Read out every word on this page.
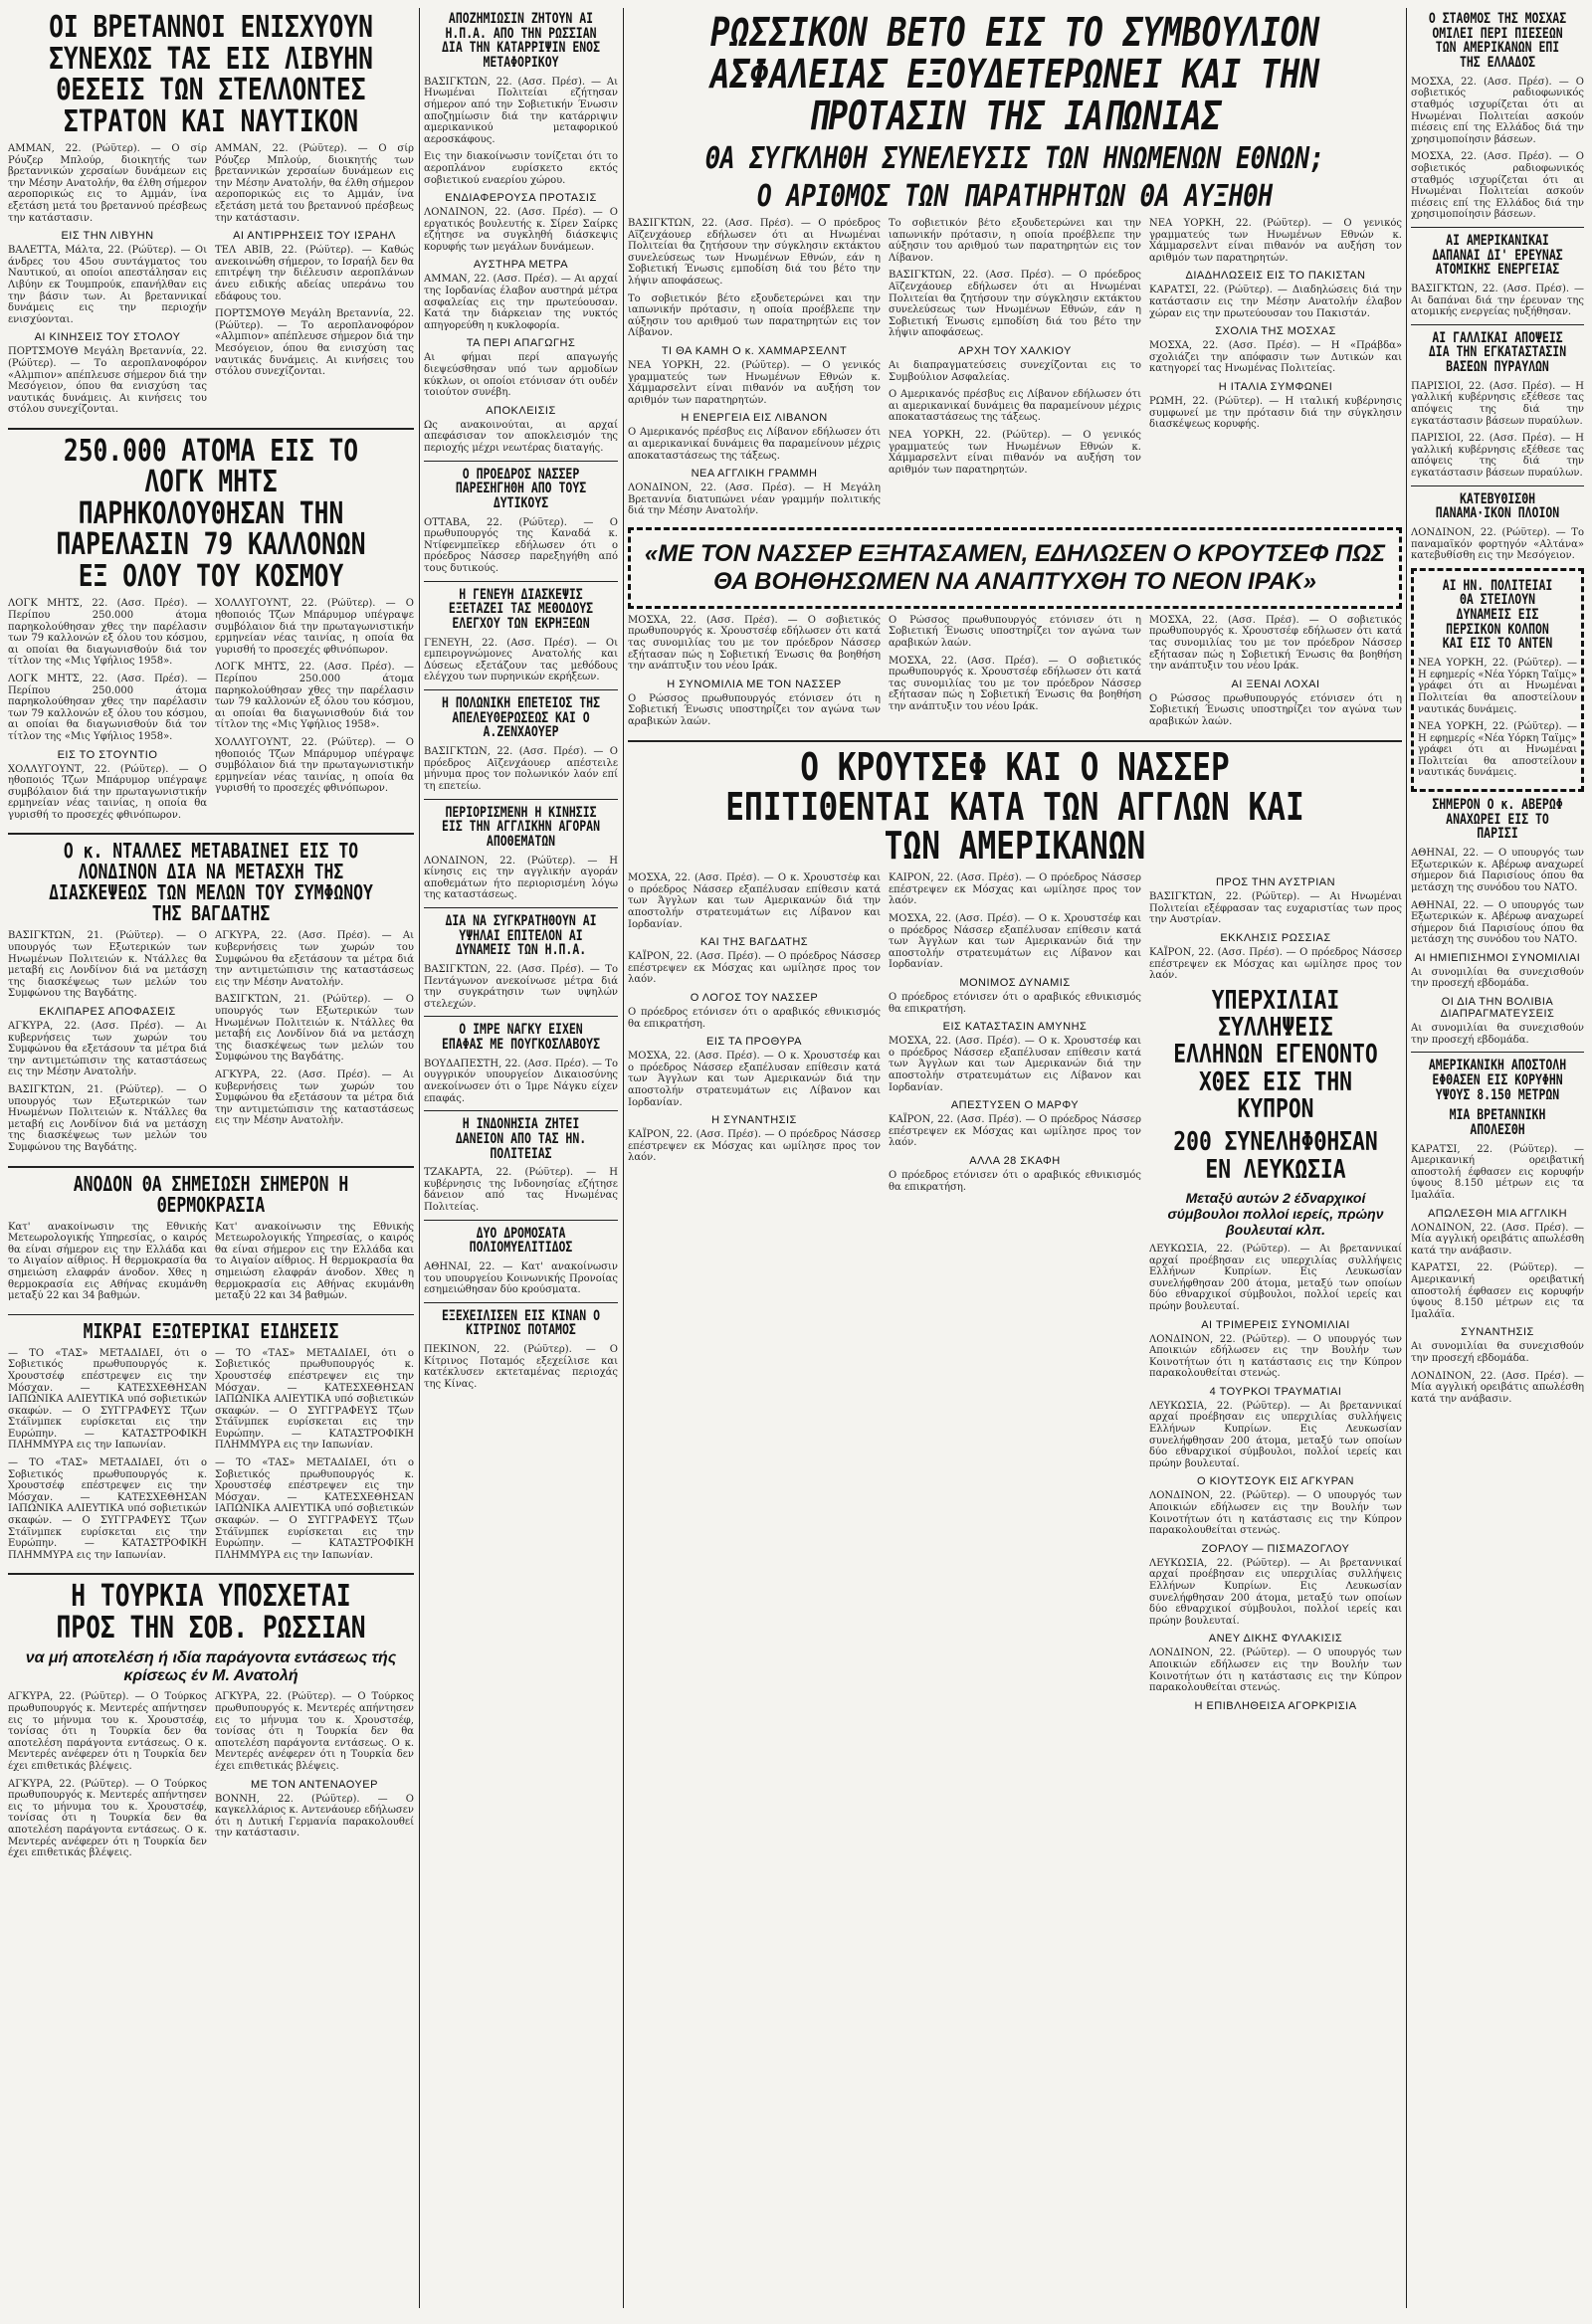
ΟΙ ΒΡΕΤΑΝΝΟΙ ΕΝΙΣΧΥΟΥΝ ΣΥΝΕΧΩΣ ΤΑΣ ΕΙΣ ΛΙΒΥΗΝ ΘΕΣΕΙΣ ΤΩΝ ΣΤΕΛΛΟΝΤΕΣ ΣΤΡΑΤΟΝ ΚΑΙ ΝΑΥΤΙΚΟΝ

ΑΜΜΑΝ, 22. (Ρώϋτερ). — Ο σίρ Ρόυζερ Μπλούρ, διοικητής των βρεταννικών χερσαίων δυνάμεων εις την Μέσην Ανατολήν, θα έλθη σήμερον αεροπορικώς εις το Αμμάν, ίνα εξετάση μετά του βρεταννού πρέσβεως την κατάστασιν.

ΕΙΣ ΤΗΝ ΛΙΒΥΗΝ

ΒΑΛΕΤΤΑ, Μάλτα, 22. (Ρώϋτερ). — Οι άνδρες του 45ου συντάγματος του Ναυτικού, αι οποίοι απεστάλησαν εις Λιβύην εκ Τουμπρούκ, επανήλθαν εις την βάσιν των. Αι βρεταννικαί δυνάμεις εις την περιοχήν ενισχύονται.

ΑΙ ΚΙΝΗΣΕΙΣ ΤΟΥ ΣΤΟΛΟΥ

ΠΟΡΤΣΜΟΥΘ Μεγάλη Βρεταννία, 22. (Ρώϋτερ). — Το αεροπλανοφόρον «Αλμπιον» απέπλευσε σήμερον διά την Μεσόγειον, όπου θα ενισχύση τας ναυτικάς δυνάμεις. Αι κινήσεις του στόλου συνεχίζονται.

ΑΜΜΑΝ, 22. (Ρώϋτερ). — Ο σίρ Ρόυζερ Μπλούρ, διοικητής των βρεταννικών χερσαίων δυνάμεων εις την Μέσην Ανατολήν, θα έλθη σήμερον αεροπορικώς εις το Αμμάν, ίνα εξετάση μετά του βρεταννού πρέσβεως την κατάστασιν.

ΑΙ ΑΝΤΙΡΡΗΣΕΙΣ ΤΟΥ ΙΣΡΑΗΛ

ΤΕΛ ΑΒΙΒ, 22. (Ρώϋτερ). — Καθώς ανεκοινώθη σήμερον, το Ισραήλ δεν θα επιτρέψη την διέλευσιν αεροπλάνων άνευ ειδικής αδείας υπεράνω του εδάφους του.

ΠΟΡΤΣΜΟΥΘ Μεγάλη Βρεταννία, 22. (Ρώϋτερ). — Το αεροπλανοφόρον «Αλμπιον» απέπλευσε σήμερον διά την Μεσόγειον, όπου θα ενισχύση τας ναυτικάς δυνάμεις. Αι κινήσεις του στόλου συνεχίζονται.

250.000 ΑΤΟΜΑ ΕΙΣ ΤΟ ΛΟΓΚ ΜΗΤΣ ΠΑΡΗΚΟΛΟΥΘΗΣΑΝ ΤΗΝ ΠΑΡΕΛΑΣΙΝ 79 ΚΑΛΛΟΝΩΝ ΕΞ ΟΛΟΥ ΤΟΥ ΚΟΣΜΟΥ

ΛΟΓΚ ΜΗΤΣ, 22. (Ασσ. Πρέσ). — Περίπου 250.000 άτομα παρηκολούθησαν χθες την παρέλασιν των 79 καλλονών εξ όλου του κόσμου, αι οποίαι θα διαγωνισθούν διά τον τίτλον της «Μις Υφήλιος 1958».

ΛΟΓΚ ΜΗΤΣ, 22. (Ασσ. Πρέσ). — Περίπου 250.000 άτομα παρηκολούθησαν χθες την παρέλασιν των 79 καλλονών εξ όλου του κόσμου, αι οποίαι θα διαγωνισθούν διά τον τίτλον της «Μις Υφήλιος 1958».

ΕΙΣ ΤΟ ΣΤΟΥΝΤΙΟ

ΧΟΛΛΥΓΟΥΝΤ, 22. (Ρώϋτερ). — Ο ηθοποιός Τζων Μπάρυμορ υπέγραψε συμβόλαιον διά την πρωταγωνιστικήν ερμηνείαν νέας ταινίας, η οποία θα γυρισθή το προσεχές φθινόπωρον.

ΧΟΛΛΥΓΟΥΝΤ, 22. (Ρώϋτερ). — Ο ηθοποιός Τζων Μπάρυμορ υπέγραψε συμβόλαιον διά την πρωταγωνιστικήν ερμηνείαν νέας ταινίας, η οποία θα γυρισθή το προσεχές φθινόπωρον.

ΛΟΓΚ ΜΗΤΣ, 22. (Ασσ. Πρέσ). — Περίπου 250.000 άτομα παρηκολούθησαν χθες την παρέλασιν των 79 καλλονών εξ όλου του κόσμου, αι οποίαι θα διαγωνισθούν διά τον τίτλον της «Μις Υφήλιος 1958».

ΧΟΛΛΥΓΟΥΝΤ, 22. (Ρώϋτερ). — Ο ηθοποιός Τζων Μπάρυμορ υπέγραψε συμβόλαιον διά την πρωταγωνιστικήν ερμηνείαν νέας ταινίας, η οποία θα γυρισθή το προσεχές φθινόπωρον.

Ο κ. ΝΤΑΛΛΕΣ ΜΕΤΑΒΑΙΝΕΙ ΕΙΣ ΤΟ ΛΟΝΔΙΝΟΝ ΔΙΑ ΝΑ ΜΕΤΑΣΧΗ ΤΗΣ ΔΙΑΣΚΕΨΕΩΣ ΤΩΝ ΜΕΛΩΝ ΤΟΥ ΣΥΜΦΩΝΟΥ ΤΗΣ ΒΑΓΔΑΤΗΣ

ΒΑΣΙΓΚΤΩΝ, 21. (Ρώϋτερ). — Ο υπουργός των Εξωτερικών των Ηνωμένων Πολιτειών κ. Ντάλλες θα μεταβή εις Λονδίνον διά να μετάσχη της διασκέψεως των μελών του Συμφώνου της Βαγδάτης.

ΕΚΛΙΠΑΡΕΣ ΑΠΟΦΑΣΕΙΣ

ΑΓΚΥΡΑ, 22. (Ασσ. Πρέσ). — Αι κυβερνήσεις των χωρών του Συμφώνου θα εξετάσουν τα μέτρα διά την αντιμετώπισιν της καταστάσεως εις την Μέσην Ανατολήν.

ΒΑΣΙΓΚΤΩΝ, 21. (Ρώϋτερ). — Ο υπουργός των Εξωτερικών των Ηνωμένων Πολιτειών κ. Ντάλλες θα μεταβή εις Λονδίνον διά να μετάσχη της διασκέψεως των μελών του Συμφώνου της Βαγδάτης.

ΑΓΚΥΡΑ, 22. (Ασσ. Πρέσ). — Αι κυβερνήσεις των χωρών του Συμφώνου θα εξετάσουν τα μέτρα διά την αντιμετώπισιν της καταστάσεως εις την Μέσην Ανατολήν.

ΒΑΣΙΓΚΤΩΝ, 21. (Ρώϋτερ). — Ο υπουργός των Εξωτερικών των Ηνωμένων Πολιτειών κ. Ντάλλες θα μεταβή εις Λονδίνον διά να μετάσχη της διασκέψεως των μελών του Συμφώνου της Βαγδάτης.

ΑΓΚΥΡΑ, 22. (Ασσ. Πρέσ). — Αι κυβερνήσεις των χωρών του Συμφώνου θα εξετάσουν τα μέτρα διά την αντιμετώπισιν της καταστάσεως εις την Μέσην Ανατολήν.

ΑΝΟΔΟΝ ΘΑ ΣΗΜΕΙΩΣΗ ΣΗΜΕΡΟΝ Η ΘΕΡΜΟΚΡΑΣΙΑ

Κατ' ανακοίνωσιν της Εθνικής Μετεωρολογικής Υπηρεσίας, ο καιρός θα είναι σήμερον εις την Ελλάδα και το Αιγαίον αίθριος. Η θερμοκρασία θα σημειώση ελαφράν άνοδον. Χθες η θερμοκρασία εις Αθήνας εκυμάνθη μεταξύ 22 και 34 βαθμών.

Κατ' ανακοίνωσιν της Εθνικής Μετεωρολογικής Υπηρεσίας, ο καιρός θα είναι σήμερον εις την Ελλάδα και το Αιγαίον αίθριος. Η θερμοκρασία θα σημειώση ελαφράν άνοδον. Χθες η θερμοκρασία εις Αθήνας εκυμάνθη μεταξύ 22 και 34 βαθμών.

ΜΙΚΡΑΙ ΕΞΩΤΕΡΙΚΑΙ ΕΙΔΗΣΕΙΣ

— ΤΟ «ΤΑΣ» ΜΕΤΑΔΙΔΕΙ, ότι ο Σοβιετικός πρωθυπουργός κ. Χρουστσέφ επέστρεψεν εις την Μόσχαν. — ΚΑΤΕΣΧΕΘΗΣΑΝ ΙΑΠΩΝΙΚΑ ΑΛΙΕΥΤΙΚΑ υπό σοβιετικών σκαφών. — Ο ΣΥΓΓΡΑΦΕΥΣ Τζων Στάϊνμπεκ ευρίσκεται εις την Ευρώπην. — ΚΑΤΑΣΤΡΟΦΙΚΗ ΠΛΗΜΜΥΡΑ εις την Ιαπωνίαν.

— ΤΟ «ΤΑΣ» ΜΕΤΑΔΙΔΕΙ, ότι ο Σοβιετικός πρωθυπουργός κ. Χρουστσέφ επέστρεψεν εις την Μόσχαν. — ΚΑΤΕΣΧΕΘΗΣΑΝ ΙΑΠΩΝΙΚΑ ΑΛΙΕΥΤΙΚΑ υπό σοβιετικών σκαφών. — Ο ΣΥΓΓΡΑΦΕΥΣ Τζων Στάϊνμπεκ ευρίσκεται εις την Ευρώπην. — ΚΑΤΑΣΤΡΟΦΙΚΗ ΠΛΗΜΜΥΡΑ εις την Ιαπωνίαν.

— ΤΟ «ΤΑΣ» ΜΕΤΑΔΙΔΕΙ, ότι ο Σοβιετικός πρωθυπουργός κ. Χρουστσέφ επέστρεψεν εις την Μόσχαν. — ΚΑΤΕΣΧΕΘΗΣΑΝ ΙΑΠΩΝΙΚΑ ΑΛΙΕΥΤΙΚΑ υπό σοβιετικών σκαφών. — Ο ΣΥΓΓΡΑΦΕΥΣ Τζων Στάϊνμπεκ ευρίσκεται εις την Ευρώπην. — ΚΑΤΑΣΤΡΟΦΙΚΗ ΠΛΗΜΜΥΡΑ εις την Ιαπωνίαν.

— ΤΟ «ΤΑΣ» ΜΕΤΑΔΙΔΕΙ, ότι ο Σοβιετικός πρωθυπουργός κ. Χρουστσέφ επέστρεψεν εις την Μόσχαν. — ΚΑΤΕΣΧΕΘΗΣΑΝ ΙΑΠΩΝΙΚΑ ΑΛΙΕΥΤΙΚΑ υπό σοβιετικών σκαφών. — Ο ΣΥΓΓΡΑΦΕΥΣ Τζων Στάϊνμπεκ ευρίσκεται εις την Ευρώπην. — ΚΑΤΑΣΤΡΟΦΙΚΗ ΠΛΗΜΜΥΡΑ εις την Ιαπωνίαν.

Η ΤΟΥΡΚΙΑ ΥΠΟΣΧΕΤΑΙ ΠΡΟΣ ΤΗΝ ΣΟΒ. ΡΩΣΣΙΑΝ
να μή αποτελέση ή ιδία παράγοντα εντάσεως τής κρίσεως έν Μ. Ανατολή

ΑΓΚΥΡΑ, 22. (Ρώϋτερ). — Ο Τούρκος πρωθυπουργός κ. Μεντερές απήντησεν εις το μήνυμα του κ. Χρουστσέφ, τονίσας ότι η Τουρκία δεν θα αποτελέση παράγοντα εντάσεως. Ο κ. Μεντερές ανέφερεν ότι η Τουρκία δεν έχει επιθετικάς βλέψεις.

ΑΓΚΥΡΑ, 22. (Ρώϋτερ). — Ο Τούρκος πρωθυπουργός κ. Μεντερές απήντησεν εις το μήνυμα του κ. Χρουστσέφ, τονίσας ότι η Τουρκία δεν θα αποτελέση παράγοντα εντάσεως. Ο κ. Μεντερές ανέφερεν ότι η Τουρκία δεν έχει επιθετικάς βλέψεις.

ΑΓΚΥΡΑ, 22. (Ρώϋτερ). — Ο Τούρκος πρωθυπουργός κ. Μεντερές απήντησεν εις το μήνυμα του κ. Χρουστσέφ, τονίσας ότι η Τουρκία δεν θα αποτελέση παράγοντα εντάσεως. Ο κ. Μεντερές ανέφερεν ότι η Τουρκία δεν έχει επιθετικάς βλέψεις.

ΜΕ ΤΟΝ ΑΝΤΕΝΑΟΥΕΡ

ΒΟΝΝΗ, 22. (Ρώϋτερ). — Ο καγκελλάριος κ. Αντενάουερ εδήλωσεν ότι η Δυτική Γερμανία παρακολουθεί την κατάστασιν.

ΑΠΟΖΗΜΙΩΣΙΝ ΖΗΤΟΥΝ ΑΙ Η.Π.Α. ΑΠΟ ΤΗΝ ΡΩΣΣΙΑΝ ΔΙΑ ΤΗΝ ΚΑΤΑΡΡΙΨΙΝ ΕΝΟΣ ΜΕΤΑΦΟΡΙΚΟΥ

ΒΑΣΙΓΚΤΩΝ, 22. (Ασσ. Πρέσ). — Αι Ηνωμέναι Πολιτείαι εζήτησαν σήμερον από την Σοβιετικήν Ένωσιν αποζημίωσιν διά την κατάρριψιν αμερικανικού μεταφορικού αεροσκάφους.

Εις την διακοίνωσιν τονίζεται ότι το αεροπλάνον ευρίσκετο εκτός σοβιετικού εναερίου χώρου.

ΕΝΔΙΑΦΕΡΟΥΣΑ ΠΡΟΤΑΣΙΣ

ΛΟΝΔΙΝΟΝ, 22. (Ασσ. Πρέσ). — Ο εργατικός βουλευτής κ. Σίρεν Σαίρκς εζήτησε να συγκληθή διάσκεψις κορυφής των μεγάλων δυνάμεων.

ΑΥΣΤΗΡΑ ΜΕΤΡΑ

ΑΜΜΑΝ, 22. (Ασσ. Πρέσ). — Αι αρχαί της Ιορδανίας έλαβον αυστηρά μέτρα ασφαλείας εις την πρωτεύουσαν. Κατά την διάρκειαν της νυκτός απηγορεύθη η κυκλοφορία.

ΤΑ ΠΕΡΙ ΑΠΑΓΩΓΗΣ

Αι φήμαι περί απαγωγής διεψεύσθησαν υπό των αρμοδίων κύκλων, οι οποίοι ετόνισαν ότι ουδέν τοιούτον συνέβη.

ΑΠΟΚΛΕΙΣΙΣ

Ως ανακοινούται, αι αρχαί απεφάσισαν τον αποκλεισμόν της περιοχής μέχρι νεωτέρας διαταγής.

Ο ΠΡΟΕΔΡΟΣ ΝΑΣΣΕΡ ΠΑΡΕΣΗΓΗΘΗ ΑΠΟ ΤΟΥΣ ΔΥΤΙΚΟΥΣ

ΟΤΤΑΒΑ, 22. (Ρώϋτερ). — Ο πρωθυπουργός της Καναδά κ. Ντίφενμπεϊκερ εδήλωσεν ότι ο πρόεδρος Νάσσερ παρεξηγήθη από τους δυτικούς.

Η ΓΕΝΕΥΗ ΔΙΑΣΚΕΨΙΣ ΕΞΕΤΑΖΕΙ ΤΑΣ ΜΕΘΟΔΟΥΣ ΕΛΕΓΧΟΥ ΤΩΝ ΕΚΡΗΞΕΩΝ

ΓΕΝΕΥΗ, 22. (Ασσ. Πρέσ). — Οι εμπειρογνώμονες Ανατολής και Δύσεως εξετάζουν τας μεθόδους ελέγχου των πυρηνικών εκρήξεων.

Η ΠΟΛΩΝΙΚΗ ΕΠΕΤΕΙΟΣ ΤΗΣ ΑΠΕΛΕΥΘΕΡΩΣΕΩΣ ΚΑΙ Ο Α.ΖΕΝΧΑΟΥΕΡ

ΒΑΣΙΓΚΤΩΝ, 22. (Ασσ. Πρέσ). — Ο πρόεδρος Αϊζενχάουερ απέστειλε μήνυμα προς τον πολωνικόν λαόν επί τη επετείω.

ΠΕΡΙΟΡΙΣΜΕΝΗ Η ΚΙΝΗΣΙΣ ΕΙΣ ΤΗΝ ΑΓΓΛΙΚΗΝ ΑΓΟΡΑΝ ΑΠΟΘΕΜΑΤΩΝ

ΛΟΝΔΙΝΟΝ, 22. (Ρώϋτερ). — Η κίνησις εις την αγγλικήν αγοράν αποθεμάτων ήτο περιορισμένη λόγω της καταστάσεως.

ΔΙΑ ΝΑ ΣΥΓΚΡΑΤΗΘΟΥΝ ΑΙ ΥΨΗΛΑΙ ΕΠΙΤΕΛΟΝ ΑΙ ΔΥΝΑΜΕΙΣ ΤΩΝ Η.Π.Α.

ΒΑΣΙΓΚΤΩΝ, 22. (Ασσ. Πρέσ). — Το Πεντάγωνον ανεκοίνωσε μέτρα διά την συγκράτησιν των υψηλών στελεχών.

Ο ΙΜΡΕ ΝΑΓΚΥ ΕΙΧΕΝ ΕΠΑΦΑΣ ΜΕ ΠΟΥΓΚΟΣΛΑΒΟΥΣ

ΒΟΥΔΑΠΕΣΤΗ, 22. (Ασσ. Πρέσ). — Το ουγγρικόν υπουργείον Δικαιοσύνης ανεκοίνωσεν ότι ο Ίμρε Νάγκυ είχεν επαφάς.

Η ΙΝΔΟΝΗΣΙΑ ΖΗΤΕΙ ΔΑΝΕΙΟΝ ΑΠΟ ΤΑΣ ΗΝ. ΠΟΛΙΤΕΙΑΣ

ΤΖΑΚΑΡΤΑ, 22. (Ρώϋτερ). — Η κυβέρνησις της Ινδονησίας εζήτησε δάνειον από τας Ηνωμένας Πολιτείας.

ΔΥΟ ΔΡΟΜΟΣΑΤΑ ΠΟΛΙΟΜΥΕΛΙΤΙΔΟΣ

ΑΘΗΝΑΙ, 22. — Κατ' ανακοίνωσιν του υπουργείου Κοινωνικής Προνοίας εσημειώθησαν δύο κρούσματα.

ΕΞΕΧΕΙΛΙΣΕΝ ΕΙΣ ΚΙΝΑΝ Ο ΚΙΤΡΙΝΟΣ ΠΟΤΑΜΟΣ

ΠΕΚΙΝΟΝ, 22. (Ρώϋτερ). — Ο Κίτρινος Ποταμός εξεχείλισε και κατέκλυσεν εκτεταμένας περιοχάς της Κίνας.

ΡΩΣΣΙΚΟΝ ΒΕΤΟ ΕΙΣ ΤΟ ΣΥΜΒΟΥΛΙΟΝ ΑΣΦΑΛΕΙΑΣ ΕΞΟΥΔΕΤΕΡΩΝΕΙ ΚΑΙ ΤΗΝ ΠΡΟΤΑΣΙΝ ΤΗΣ ΙΑΠΩΝΙΑΣ
ΘΑ ΣΥΓΚΛΗΘΗ ΣΥΝΕΛΕΥΣΙΣ ΤΩΝ ΗΝΩΜΕΝΩΝ ΕΘΝΩΝ;
Ο ΑΡΙΘΜΟΣ ΤΩΝ ΠΑΡΑΤΗΡΗΤΩΝ ΘΑ ΑΥΞΗΘΗ

ΒΑΣΙΓΚΤΩΝ, 22. (Ασσ. Πρέσ). — Ο πρόεδρος Αϊζενχάουερ εδήλωσεν ότι αι Ηνωμέναι Πολιτείαι θα ζητήσουν την σύγκλησιν εκτάκτου συνελεύσεως των Ηνωμένων Εθνών, εάν η Σοβιετική Ένωσις εμποδίση διά του βέτο την λήψιν αποφάσεως.

Το σοβιετικόν βέτο εξουδετερώνει και την ιαπωνικήν πρότασιν, η οποία προέβλεπε την αύξησιν του αριθμού των παρατηρητών εις τον Λίβανον.

ΤΙ ΘΑ ΚΑΜΗ Ο κ. ΧΑΜΜΑΡΣΕΛΝΤ

ΝΕΑ ΥΟΡΚΗ, 22. (Ρώϋτερ). — Ο γενικός γραμματεύς των Ηνωμένων Εθνών κ. Χάμμαρσελντ είναι πιθανόν να αυξήση τον αριθμόν των παρατηρητών.

Η ΕΝΕΡΓΕΙΑ ΕΙΣ ΛΙΒΑΝΟΝ

Ο Αμερικανός πρέσβυς εις Λίβανον εδήλωσεν ότι αι αμερικανικαί δυνάμεις θα παραμείνουν μέχρις αποκαταστάσεως της τάξεως.

ΝΕΑ ΑΓΓΛΙΚΗ ΓΡΑΜΜΗ

ΛΟΝΔΙΝΟΝ, 22. (Ασσ. Πρέσ). — Η Μεγάλη Βρεταννία διατυπώνει νέαν γραμμήν πολιτικής διά την Μέσην Ανατολήν.

Το σοβιετικόν βέτο εξουδετερώνει και την ιαπωνικήν πρότασιν, η οποία προέβλεπε την αύξησιν του αριθμού των παρατηρητών εις τον Λίβανον.

ΒΑΣΙΓΚΤΩΝ, 22. (Ασσ. Πρέσ). — Ο πρόεδρος Αϊζενχάουερ εδήλωσεν ότι αι Ηνωμέναι Πολιτείαι θα ζητήσουν την σύγκλησιν εκτάκτου συνελεύσεως των Ηνωμένων Εθνών, εάν η Σοβιετική Ένωσις εμποδίση διά του βέτο την λήψιν αποφάσεως.

ΑΡΧΗ ΤΟΥ ΧΑΛΚΙΟΥ

Αι διαπραγματεύσεις συνεχίζονται εις το Συμβούλιον Ασφαλείας.

Ο Αμερικανός πρέσβυς εις Λίβανον εδήλωσεν ότι αι αμερικανικαί δυνάμεις θα παραμείνουν μέχρις αποκαταστάσεως της τάξεως.

ΝΕΑ ΥΟΡΚΗ, 22. (Ρώϋτερ). — Ο γενικός γραμματεύς των Ηνωμένων Εθνών κ. Χάμμαρσελντ είναι πιθανόν να αυξήση τον αριθμόν των παρατηρητών.

ΝΕΑ ΥΟΡΚΗ, 22. (Ρώϋτερ). — Ο γενικός γραμματεύς των Ηνωμένων Εθνών κ. Χάμμαρσελντ είναι πιθανόν να αυξήση τον αριθμόν των παρατηρητών.

ΔΙΑΔΗΛΩΣΕΙΣ ΕΙΣ ΤΟ ΠΑΚΙΣΤΑΝ

ΚΑΡΑΤΣΙ, 22. (Ρώϋτερ). — Διαδηλώσεις διά την κατάστασιν εις την Μέσην Ανατολήν έλαβον χώραν εις την πρωτεύουσαν του Πακιστάν.

ΣΧΟΛΙΑ ΤΗΣ ΜΟΣΧΑΣ

ΜΟΣΧΑ, 22. (Ασσ. Πρέσ). — Η «Πράβδα» σχολιάζει την απόφασιν των Δυτικών και κατηγορεί τας Ηνωμένας Πολιτείας.

Η ΙΤΑΛΙΑ ΣΥΜΦΩΝΕΙ

ΡΩΜΗ, 22. (Ρώϋτερ). — Η ιταλική κυβέρνησις συμφωνεί με την πρότασιν διά την σύγκλησιν διασκέψεως κορυφής.

«ΜΕ ΤΟΝ ΝΑΣΣΕΡ ΕΞΗΤΑΣΑΜΕΝ, ΕΔΗΛΩΣΕΝ Ο ΚΡΟΥΤΣΕΦ ΠΩΣ ΘΑ ΒΟΗΘΗΣΩΜΕΝ ΝΑ ΑΝΑΠΤΥΧΘΗ ΤΟ ΝΕΟΝ ΙΡΑΚ»

ΜΟΣΧΑ, 22. (Ασσ. Πρέσ). — Ο σοβιετικός πρωθυπουργός κ. Χρουστσέφ εδήλωσεν ότι κατά τας συνομιλίας του με τον πρόεδρον Νάσσερ εξήτασαν πώς η Σοβιετική Ένωσις θα βοηθήση την ανάπτυξιν του νέου Ιράκ.

Η ΣΥΝΟΜΙΛΙΑ ΜΕ ΤΟΝ ΝΑΣΣΕΡ

Ο Ρώσσος πρωθυπουργός ετόνισεν ότι η Σοβιετική Ένωσις υποστηρίζει τον αγώνα των αραβικών λαών.

Ο Ρώσσος πρωθυπουργός ετόνισεν ότι η Σοβιετική Ένωσις υποστηρίζει τον αγώνα των αραβικών λαών.

ΜΟΣΧΑ, 22. (Ασσ. Πρέσ). — Ο σοβιετικός πρωθυπουργός κ. Χρουστσέφ εδήλωσεν ότι κατά τας συνομιλίας του με τον πρόεδρον Νάσσερ εξήτασαν πώς η Σοβιετική Ένωσις θα βοηθήση την ανάπτυξιν του νέου Ιράκ.

ΜΟΣΧΑ, 22. (Ασσ. Πρέσ). — Ο σοβιετικός πρωθυπουργός κ. Χρουστσέφ εδήλωσεν ότι κατά τας συνομιλίας του με τον πρόεδρον Νάσσερ εξήτασαν πώς η Σοβιετική Ένωσις θα βοηθήση την ανάπτυξιν του νέου Ιράκ.

ΑΙ ΞΕΝΑΙ ΛΟΧΑΙ

Ο Ρώσσος πρωθυπουργός ετόνισεν ότι η Σοβιετική Ένωσις υποστηρίζει τον αγώνα των αραβικών λαών.

Ο ΚΡΟΥΤΣΕΦ ΚΑΙ Ο ΝΑΣΣΕΡ ΕΠΙΤΙΘΕΝΤΑΙ ΚΑΤΑ ΤΩΝ ΑΓΓΛΩΝ ΚΑΙ ΤΩΝ ΑΜΕΡΙΚΑΝΩΝ

ΜΟΣΧΑ, 22. (Ασσ. Πρέσ). — Ο κ. Χρουστσέφ και ο πρόεδρος Νάσσερ εξαπέλυσαν επίθεσιν κατά των Άγγλων και των Αμερικανών διά την αποστολήν στρατευμάτων εις Λίβανον και Ιορδανίαν.

ΚΑΙ ΤΗΣ ΒΑΓΔΑΤΗΣ

ΚΑΪΡΟΝ, 22. (Ασσ. Πρέσ). — Ο πρόεδρος Νάσσερ επέστρεψεν εκ Μόσχας και ωμίλησε προς τον λαόν.

Ο ΛΟΓΟΣ ΤΟΥ ΝΑΣΣΕΡ

Ο πρόεδρος ετόνισεν ότι ο αραβικός εθνικισμός θα επικρατήση.

ΕΙΣ ΤΑ ΠΡΟΘΥΡΑ

ΜΟΣΧΑ, 22. (Ασσ. Πρέσ). — Ο κ. Χρουστσέφ και ο πρόεδρος Νάσσερ εξαπέλυσαν επίθεσιν κατά των Άγγλων και των Αμερικανών διά την αποστολήν στρατευμάτων εις Λίβανον και Ιορδανίαν.

Η ΣΥΝΑΝΤΗΣΙΣ

ΚΑΪΡΟΝ, 22. (Ασσ. Πρέσ). — Ο πρόεδρος Νάσσερ επέστρεψεν εκ Μόσχας και ωμίλησε προς τον λαόν.

ΚΑΪΡΟΝ, 22. (Ασσ. Πρέσ). — Ο πρόεδρος Νάσσερ επέστρεψεν εκ Μόσχας και ωμίλησε προς τον λαόν.

ΜΟΣΧΑ, 22. (Ασσ. Πρέσ). — Ο κ. Χρουστσέφ και ο πρόεδρος Νάσσερ εξαπέλυσαν επίθεσιν κατά των Άγγλων και των Αμερικανών διά την αποστολήν στρατευμάτων εις Λίβανον και Ιορδανίαν.

ΜΟΝΙΜΟΣ ΔΥΝΑΜΙΣ

Ο πρόεδρος ετόνισεν ότι ο αραβικός εθνικισμός θα επικρατήση.

ΕΙΣ ΚΑΤΑΣΤΑΣΙΝ ΑΜΥΝΗΣ

ΜΟΣΧΑ, 22. (Ασσ. Πρέσ). — Ο κ. Χρουστσέφ και ο πρόεδρος Νάσσερ εξαπέλυσαν επίθεσιν κατά των Άγγλων και των Αμερικανών διά την αποστολήν στρατευμάτων εις Λίβανον και Ιορδανίαν.

ΑΠΕΣΤΥΣΕΝ Ο ΜΑΡΦΥ

ΚΑΪΡΟΝ, 22. (Ασσ. Πρέσ). — Ο πρόεδρος Νάσσερ επέστρεψεν εκ Μόσχας και ωμίλησε προς τον λαόν.

ΑΛΛΑ 28 ΣΚΑΦΗ

Ο πρόεδρος ετόνισεν ότι ο αραβικός εθνικισμός θα επικρατήση.

ΠΡΟΣ ΤΗΝ ΑΥΣΤΡΙΑΝ

ΒΑΣΙΓΚΤΩΝ, 22. (Ρώϋτερ). — Αι Ηνωμέναι Πολιτείαι εξέφρασαν τας ευχαριστίας των προς την Αυστρίαν.

ΕΚΚΛΗΣΙΣ ΡΩΣΣΙΑΣ

ΚΑΪΡΟΝ, 22. (Ασσ. Πρέσ). — Ο πρόεδρος Νάσσερ επέστρεψεν εκ Μόσχας και ωμίλησε προς τον λαόν.

ΥΠΕΡΧΙΛΙΑΙ ΣΥΛΛΗΨΕΙΣ ΕΛΛΗΝΩΝ ΕΓΕΝΟΝΤΟ ΧΘΕΣ ΕΙΣ ΤΗΝ ΚΥΠΡΟΝ
200 ΣΥΝΕΛΗΦΘΗΣΑΝ ΕΝ ΛΕΥΚΩΣΙΑ
Μεταξύ αυτών 2 έδναρχικοί σύμβουλοι πολλοί ιερείς, πρώην βουλευταί κλπ.

ΛΕΥΚΩΣΙΑ, 22. (Ρώϋτερ). — Αι βρεταννικαί αρχαί προέβησαν εις υπερχιλίας συλλήψεις Ελλήνων Κυπρίων. Εις Λευκωσίαν συνελήφθησαν 200 άτομα, μεταξύ των οποίων δύο εθναρχικοί σύμβουλοι, πολλοί ιερείς και πρώην βουλευταί.

ΑΙ ΤΡΙΜΕΡΕΙΣ ΣΥΝΟΜΙΛΙΑΙ

ΛΟΝΔΙΝΟΝ, 22. (Ρώϋτερ). — Ο υπουργός των Αποικιών εδήλωσεν εις την Βουλήν των Κοινοτήτων ότι η κατάστασις εις την Κύπρον παρακολουθείται στενώς.

4 ΤΟΥΡΚΟΙ ΤΡΑΥΜΑΤΙΑΙ

ΛΕΥΚΩΣΙΑ, 22. (Ρώϋτερ). — Αι βρεταννικαί αρχαί προέβησαν εις υπερχιλίας συλλήψεις Ελλήνων Κυπρίων. Εις Λευκωσίαν συνελήφθησαν 200 άτομα, μεταξύ των οποίων δύο εθναρχικοί σύμβουλοι, πολλοί ιερείς και πρώην βουλευταί.

Ο ΚΙΟΥΤΣΟΥΚ ΕΙΣ ΑΓΚΥΡΑΝ

ΛΟΝΔΙΝΟΝ, 22. (Ρώϋτερ). — Ο υπουργός των Αποικιών εδήλωσεν εις την Βουλήν των Κοινοτήτων ότι η κατάστασις εις την Κύπρον παρακολουθείται στενώς.

ΖΟΡΛΟΥ — ΠΙΣΜΑΖΟΓΛΟΥ

ΛΕΥΚΩΣΙΑ, 22. (Ρώϋτερ). — Αι βρεταννικαί αρχαί προέβησαν εις υπερχιλίας συλλήψεις Ελλήνων Κυπρίων. Εις Λευκωσίαν συνελήφθησαν 200 άτομα, μεταξύ των οποίων δύο εθναρχικοί σύμβουλοι, πολλοί ιερείς και πρώην βουλευταί.

ΑΝΕΥ ΔΙΚΗΣ ΦΥΛΑΚΙΣΙΣ

ΛΟΝΔΙΝΟΝ, 22. (Ρώϋτερ). — Ο υπουργός των Αποικιών εδήλωσεν εις την Βουλήν των Κοινοτήτων ότι η κατάστασις εις την Κύπρον παρακολουθείται στενώς.

Η ΕΠΙΒΛΗΘΕΙΣΑ ΑΓΟΡΚΡΙΣΙΑ
Ο ΣΤΑΘΜΟΣ ΤΗΣ ΜΟΣΧΑΣ ΟΜΙΛΕΙ ΠΕΡΙ ΠΙΕΣΕΩΝ ΤΩΝ ΑΜΕΡΙΚΑΝΩΝ ΕΠΙ ΤΗΣ ΕΛΛΑΔΟΣ

ΜΟΣΧΑ, 22. (Ασσ. Πρέσ). — Ο σοβιετικός ραδιοφωνικός σταθμός ισχυρίζεται ότι αι Ηνωμέναι Πολιτείαι ασκούν πιέσεις επί της Ελλάδος διά την χρησιμοποίησιν βάσεων.

ΜΟΣΧΑ, 22. (Ασσ. Πρέσ). — Ο σοβιετικός ραδιοφωνικός σταθμός ισχυρίζεται ότι αι Ηνωμέναι Πολιτείαι ασκούν πιέσεις επί της Ελλάδος διά την χρησιμοποίησιν βάσεων.

ΑΙ ΑΜΕΡΙΚΑΝΙΚΑΙ ΔΑΠΑΝΑΙ ΔΙ' ΕΡΕΥΝΑΣ ΑΤΟΜΙΚΗΣ ΕΝΕΡΓΕΙΑΣ

ΒΑΣΙΓΚΤΩΝ, 22. (Ασσ. Πρέσ). — Αι δαπάναι διά την έρευναν της ατομικής ενεργείας ηυξήθησαν.

ΑΙ ΓΑΛΛΙΚΑΙ ΑΠΟΨΕΙΣ ΔΙΑ ΤΗΝ ΕΓΚΑΤΑΣΤΑΣΙΝ ΒΑΣΕΩΝ ΠΥΡΑΥΛΩΝ

ΠΑΡΙΣΙΟΙ, 22. (Ασσ. Πρέσ). — Η γαλλική κυβέρνησις εξέθεσε τας απόψεις της διά την εγκατάστασιν βάσεων πυραύλων.

ΠΑΡΙΣΙΟΙ, 22. (Ασσ. Πρέσ). — Η γαλλική κυβέρνησις εξέθεσε τας απόψεις της διά την εγκατάστασιν βάσεων πυραύλων.

ΚΑΤΕΒΥΘΙΣΘΗ ΠΑΝΑΜΑ·ΙΚΟΝ ΠΛΟΙΟΝ

ΛΟΝΔΙΝΟΝ, 22. (Ρώϋτερ). — Το παναμαϊκόν φορτηγόν «Αλτάνα» κατεβυθίσθη εις την Μεσόγειον.

ΑΙ ΗΝ. ΠΟΛΙΤΕΙΑΙ ΘΑ ΣΤΕΙΛΟΥΝ ΔΥΝΑΜΕΙΣ ΕΙΣ ΠΕΡΣΙΚΟΝ ΚΟΛΠΟΝ ΚΑΙ ΕΙΣ ΤΟ ΑΝΤΕΝ

ΝΕΑ ΥΟΡΚΗ, 22. (Ρώϋτερ). — Η εφημερίς «Νέα Υόρκη Ταϊμς» γράφει ότι αι Ηνωμέναι Πολιτείαι θα αποστείλουν ναυτικάς δυνάμεις.

ΝΕΑ ΥΟΡΚΗ, 22. (Ρώϋτερ). — Η εφημερίς «Νέα Υόρκη Ταϊμς» γράφει ότι αι Ηνωμέναι Πολιτείαι θα αποστείλουν ναυτικάς δυνάμεις.

ΣΗΜΕΡΟΝ Ο κ. ΑΒΕΡΩΦ ΑΝΑΧΩΡΕΙ ΕΙΣ ΤΟ ΠΑΡΙΣΙ

ΑΘΗΝΑΙ, 22. — Ο υπουργός των Εξωτερικών κ. Αβέρωφ αναχωρεί σήμερον διά Παρισίους όπου θα μετάσχη της συνόδου του ΝΑΤΟ.

ΑΘΗΝΑΙ, 22. — Ο υπουργός των Εξωτερικών κ. Αβέρωφ αναχωρεί σήμερον διά Παρισίους όπου θα μετάσχη της συνόδου του ΝΑΤΟ.

ΑΙ ΗΜΙΕΠΙΣΗΜΟΙ ΣΥΝΟΜΙΛΙΑΙ

Αι συνομιλίαι θα συνεχισθούν την προσεχή εβδομάδα.

ΟΙ ΔΙΑ ΤΗΝ ΒΟΛΙΒΙΑ ΔΙΑΠΡΑΓΜΑΤΕΥΣΕΙΣ

Αι συνομιλίαι θα συνεχισθούν την προσεχή εβδομάδα.

ΑΜΕΡΙΚΑΝΙΚΗ ΑΠΟΣΤΟΛΗ ΕΦΘΑΣΕΝ ΕΙΣ ΚΟΡΥΦΗΝ ΥΨΟΥΣ 8.150 ΜΕΤΡΩΝ
ΜΙΑ ΒΡΕΤΑΝΝΙΚΗ ΑΠΟΛΕΣΘΗ

ΚΑΡΑΤΣΙ, 22. (Ρώϋτερ). — Αμερικανική ορειβατική αποστολή έφθασεν εις κορυφήν ύψους 8.150 μέτρων εις τα Ιμαλάϊα.

ΑΠΩΛΕΣΘΗ ΜΙΑ ΑΓΓΛΙΚΗ

ΛΟΝΔΙΝΟΝ, 22. (Ασσ. Πρέσ). — Μία αγγλική ορειβάτις απωλέσθη κατά την ανάβασιν.

ΚΑΡΑΤΣΙ, 22. (Ρώϋτερ). — Αμερικανική ορειβατική αποστολή έφθασεν εις κορυφήν ύψους 8.150 μέτρων εις τα Ιμαλάϊα.

ΣΥΝΑΝΤΗΣΙΣ

Αι συνομιλίαι θα συνεχισθούν την προσεχή εβδομάδα.

ΛΟΝΔΙΝΟΝ, 22. (Ασσ. Πρέσ). — Μία αγγλική ορειβάτις απωλέσθη κατά την ανάβασιν.
